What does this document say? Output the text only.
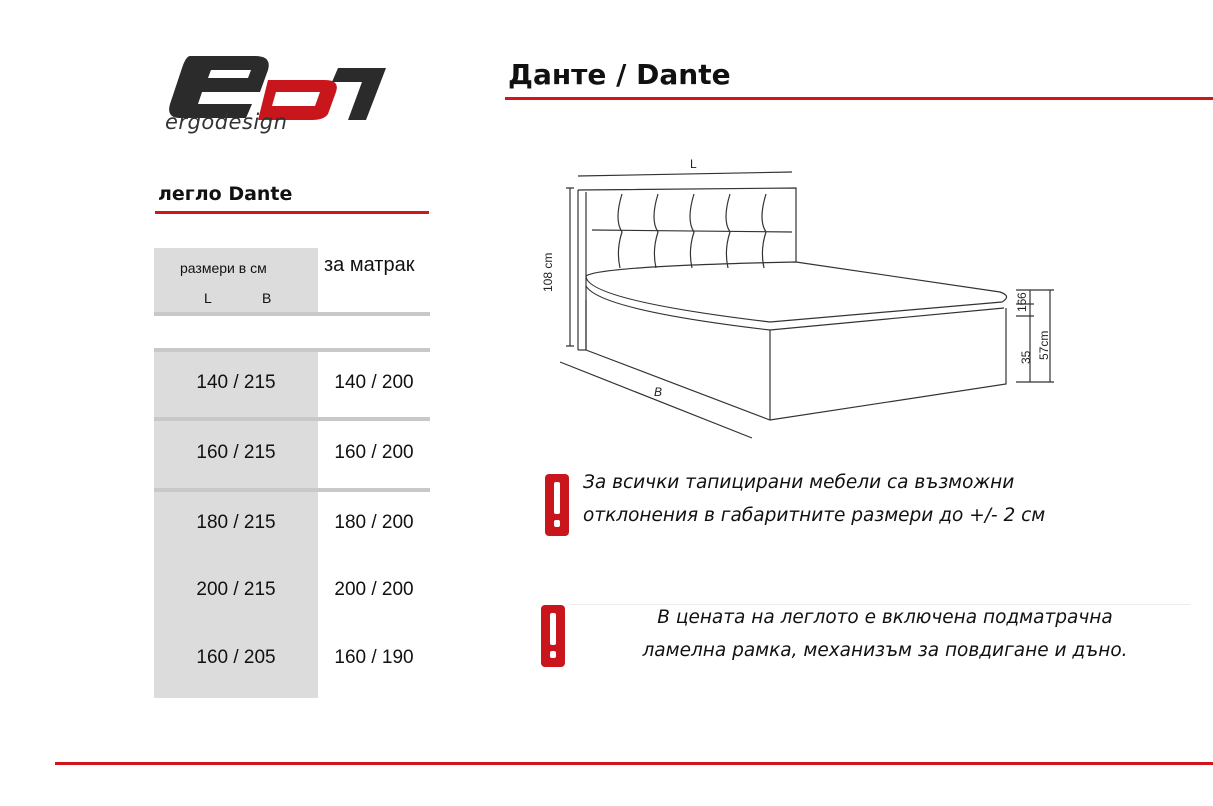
ergodesign
Данте / Dante
легло Dante
размери в см
L	B
за матрак
140 / 215	140 / 200
160 / 215	160 / 200
180 / 215	180 / 200
200 / 215	200 / 200
160 / 205	160 / 190
L
B
108 cm
16
6
35 57cm
За всички тапицирани мебели са възможни
отклонения в габаритните размери до +/- 2 см
В цената на леглото е включена подматрачна
ламелна рамка, механизъм за повдигане и дъно.
